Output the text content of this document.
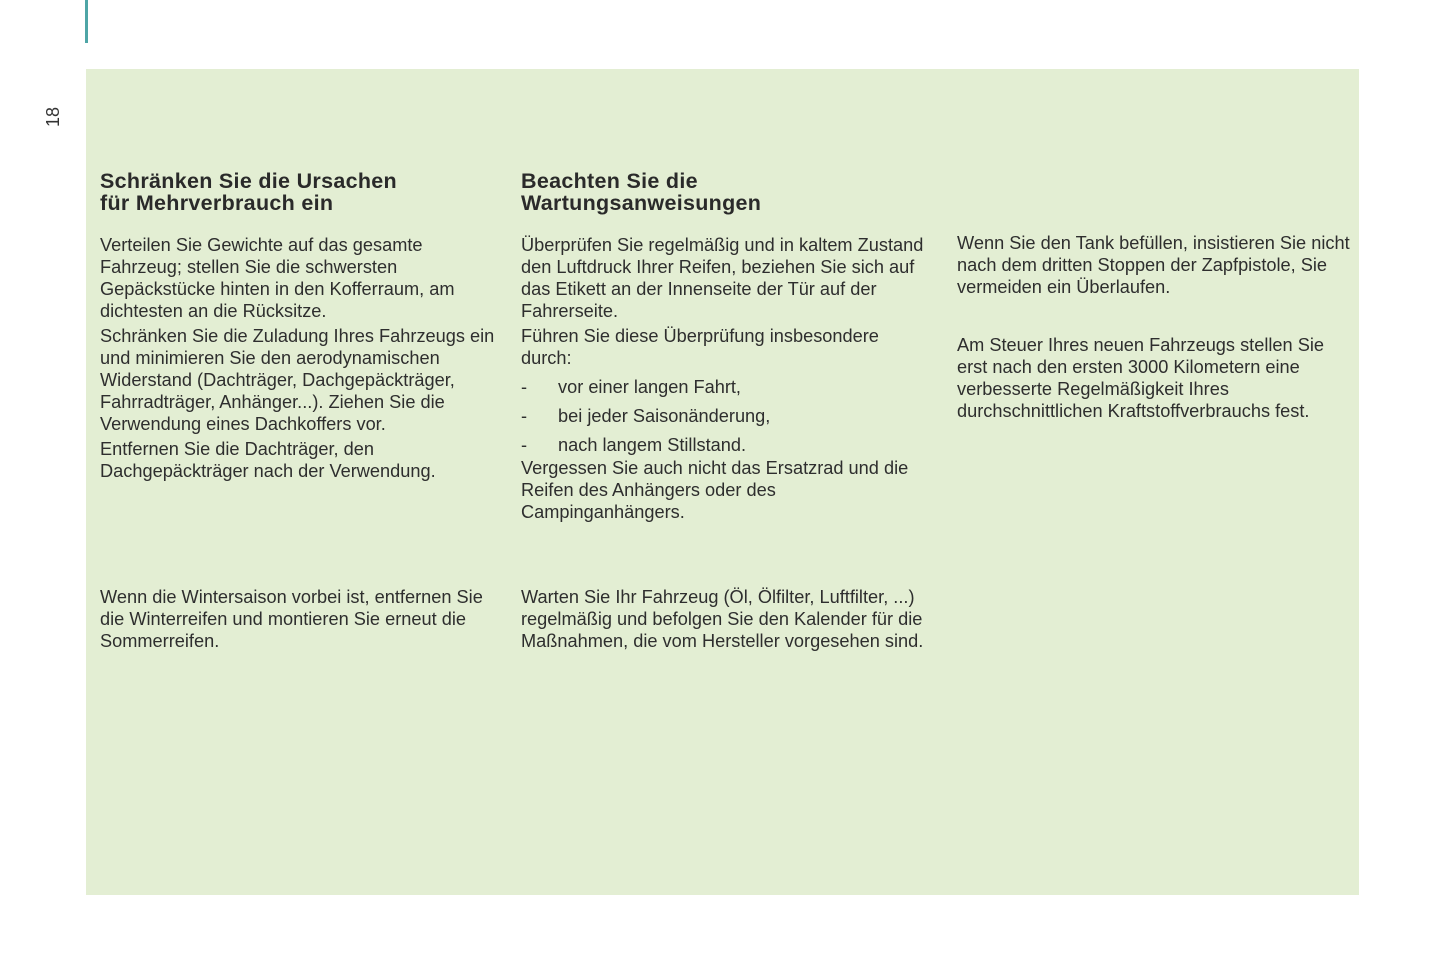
18
Schränken Sie die Ursachen
für Mehrverbrauch ein

Verteilen Sie Gewichte auf das gesamte Fahrzeug; stellen Sie die schwersten Gepäckstücke hinten in den Kofferraum, am dichtesten an die Rücksitze.

Schränken Sie die Zuladung Ihres Fahrzeugs ein und minimieren Sie den aerodynamischen Widerstand (Dachträger, Dachgepäckträger, Fahrradträger, Anhänger...). Ziehen Sie die Verwendung eines Dachkoffers vor.

Entfernen Sie die Dachträger, den Dachgepäckträger nach der Verwendung.

Wenn die Wintersaison vorbei ist, entfernen Sie die Winterreifen und montieren Sie erneut die Sommerreifen.

Beachten Sie die
Wartungsanweisungen

Überprüfen Sie regelmäßig und in kaltem Zustand den Luftdruck Ihrer Reifen, beziehen Sie sich auf das Etikett an der Innenseite der Tür auf der Fahrerseite.

Führen Sie diese Überprüfung insbesondere durch:

- vor einer langen Fahrt,
- bei jeder Saisonänderung,
- nach langem Stillstand.

Vergessen Sie auch nicht das Ersatzrad und die Reifen des Anhängers oder des Campinganhängers.

Warten Sie Ihr Fahrzeug (Öl, Ölfilter, Luftfilter, ...) regelmäßig und befolgen Sie den Kalender für die Maßnahmen, die vom Hersteller vorgesehen sind.

Wenn Sie den Tank befüllen, insistieren Sie nicht nach dem dritten Stoppen der Zapfpistole, Sie vermeiden ein Überlaufen.

Am Steuer Ihres neuen Fahrzeugs stellen Sie erst nach den ersten 3000 Kilometern eine verbesserte Regelmäßigkeit Ihres durchschnittlichen Kraftstoffverbrauchs fest.
